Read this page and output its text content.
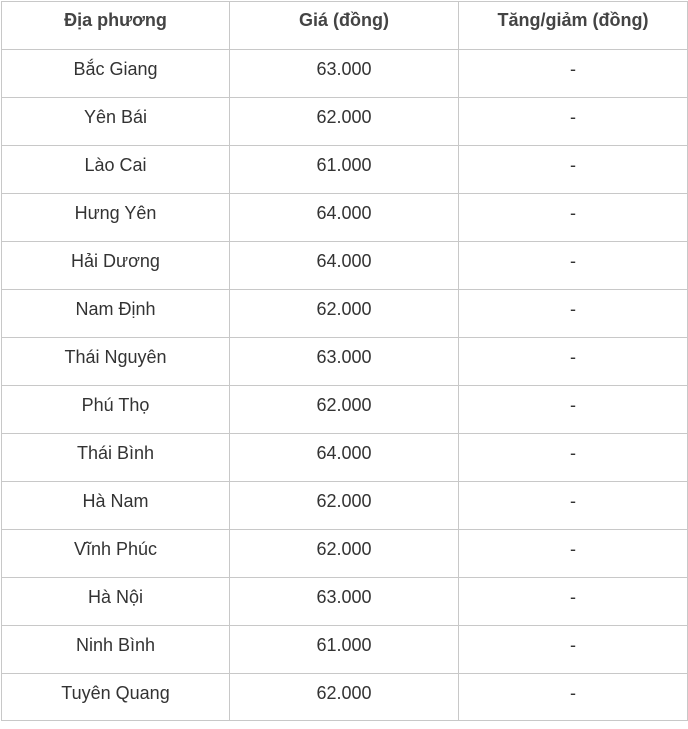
Địa phương	Giá (đồng)	Tăng/giảm (đồng)
Bắc Giang	63.000	-
Yên Bái	62.000	-
Lào Cai	61.000	-
Hưng Yên	64.000	-
Hải Dương	64.000	-
Nam Định	62.000	-
Thái Nguyên	63.000	-
Phú Thọ	62.000	-
Thái Bình	64.000	-
Hà Nam	62.000	-
Vĩnh Phúc	62.000	-
Hà Nội	63.000	-
Ninh Bình	61.000	-
Tuyên Quang	62.000	-
